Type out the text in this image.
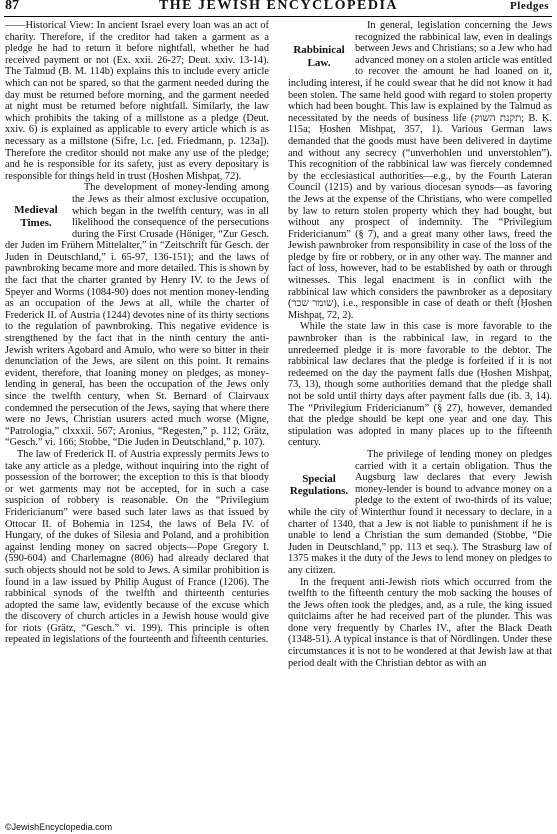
87	THE JEWISH ENCYCLOPEDIA	Pledges

——Historical View: In ancient Israel every loan was an act of charity. Therefore, if the creditor had taken a garment as a pledge he had to return it before nightfall, whether he had received payment or not (Ex. xxii. 26-27; Deut. xxiv. 13-14). The Talmud (B. M. 114b) explains this to include every article which can not be spared, so that the garment needed during the day must be returned before morning, and the garment needed at night must be returned before nightfall. Similarly, the law which prohibits the taking of a millstone as a pledge (Deut. xxiv. 6) is explained as applicable to every article which is as necessary as a millstone (Sifre, l.c. [ed. Friedmann, p. 123a]). Therefore the creditor should not make any use of the pledge; and he is responsible for its safety, just as every depositary is responsible for things held in trust (Ḥoshen Mishpaṭ, 72).

Medieval Times.

The development of money-lending among the Jews as their almost exclusive occupation, which began in the twelfth century, was in all likelihood the consequence of the persecutions during the First Crusade (Höniger, “Zur Gesch. der Juden im Frühern Mittelalter,” in “Zeitschrift für Gesch. der Juden in Deutschland,” i. 65-97, 136-151); and the laws of pawnbroking became more and more detailed. This is shown by the fact that the charter granted by Henry IV. to the Jews of Speyer and Worms (1084-90) does not mention money-lending as an occupation of the Jews at all, while the charter of Frederick II. of Austria (1244) devotes nine of its thirty sections to the regulation of pawnbroking. This negative evidence is strengthened by the fact that in the ninth century the anti-Jewish writers Agobard and Amulo, who were so bitter in their denunciation of the Jews, are silent on this point. It remains evident, therefore, that loaning money on pledges, as money-lending in general, has been the occupation of the Jews only since the twelfth century, when St. Bernard of Clairvaux condemned the persecution of the Jews, saying that where there were no Jews, Christian usurers acted much worse (Migne, “Patrologia,” clxxxii. 567; Aronius, “Regesten,” p. 112; Grätz, “Gesch.” vi. 166; Stobbe, “Die Juden in Deutschland,” p. 107).

The law of Frederick II. of Austria expressly permits Jews to take any article as a pledge, without inquiring into the right of possession of the borrower; the exception to this is that bloody or wet garments may not be accepted, for in such a case suspicion of robbery is reasonable. On the “Privilegium Fridericianum” were based such later laws as that issued by Ottocar II. of Bohemia in 1254, the laws of Bela IV. of Hungary, of the dukes of Silesia and Poland, and a prohibition against lending money on sacred objects—Pope Gregory I. (590-604) and Charlemagne (806) had already declared that such objects should not be sold to Jews. A similar prohibition is found in a law issued by Philip August of France (1206). The rabbinical synods of the twelfth and thirteenth centuries adopted the same law, evidently because of the excuse which the discovery of church articles in a Jewish house would give for riots (Grätz, “Gesch.” vi. 199). This principle is often repeated in legislations of the fourteenth and fifteenth centuries.

Rabbinical Law.

In general, legislation concerning the Jews recognized the rabbinical law, even in dealings between Jews and Christians; so a Jew who had advanced money on a stolen article was entitled to recover the amount he had loaned on it, including interest, if he could swear that he did not know it had been stolen. The same held good with regard to stolen property which had been bought. This law is explained by the Talmud as necessitated by the needs of business life (תקנת השוק; B. Ḳ. 115a; Ḥoshen Mishpaṭ, 357, 1). Various German laws demanded that the goods must have been delivered in daytime and without any secrecy (“unverhohlen und unverstohlen”). This recognition of the rabbinical law was fiercely condemned by the ecclesiastical authorities—e.g., by the Fourth Lateran Council (1215) and by various diocesan synods—as favoring the Jews at the expense of the Christians, who were compelled by law to return stolen property which they had bought, but without any prospect of indemnity. The “Privilegium Fridericianum” (§ 7), and a great many other laws, freed the Jewish pawnbroker from responsibility in case of the loss of the pledge by fire or robbery, or in any other way. The manner and fact of loss, however, had to be established by oath or through witnesses. This legal enactment is in conflict with the rabbinical law which considers the pawnbroker as a depositary (שומר שכר), i.e., responsible in case of death or theft (Ḥoshen Mishpaṭ, 72, 2).

While the state law in this case is more favorable to the pawnbroker than is the rabbinical law, in regard to the unredeemed pledge it is more favorable to the debtor. The rabbinical law declares that the pledge is forfeited if it is not redeemed on the day the payment falls due (Ḥoshen Mishpaṭ, 73, 13), though some authorities demand that the pledge shall not be sold until thirty days after payment falls due (ib. 3, 14). The “Privilegium Fridericianum” (§ 27), however, demanded that the pledge should be kept one year and one day. This stipulation was adopted in many places up to the fifteenth century.

Special Regulations.

The privilege of lending money on pledges carried with it a certain obligation. Thus the Augsburg law declares that every Jewish money-lender is bound to advance money on a pledge to the extent of two-thirds of its value; while the city of Winterthur found it necessary to declare, in a charter of 1340, that a Jew is not liable to punishment if he is unable to lend a Christian the sum demanded (Stobbe, “Die Juden in Deutschland,” pp. 113 et seq.). The Strasburg law of 1375 makes it the duty of the Jews to lend money on pledges to any citizen.

In the frequent anti-Jewish riots which occurred from the twelfth to the fifteenth century the mob sacking the houses of the Jews often took the pledges, and, as a rule, the king issued quitclaims after he had received part of the plunder. This was done very frequently by Charles IV., after the Black Death (1348-51). A typical instance is that of Nördlingen. Under these circumstances it is not to be wondered at that Jewish law at that period dealt with the Christian debtor as with an

©JewishEncyclopedia.com
